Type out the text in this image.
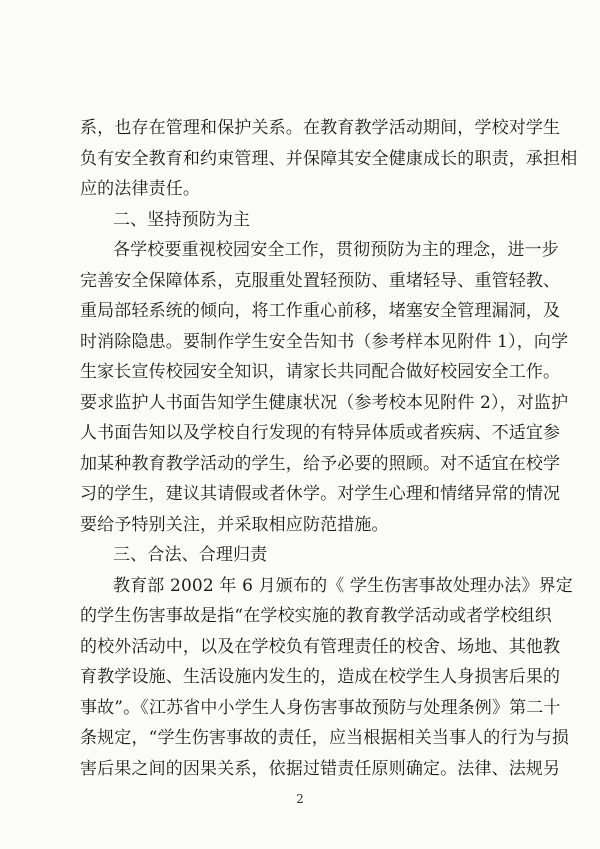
系，也存在管理和保护关系。在教育教学活动期间，学校对学生
负有安全教育和约束管理、并保障其安全健康成长的职责，承担相
应的法律责任。
二、坚持预防为主
各学校要重视校园安全工作，贯彻预防为主的理念，进一步
完善安全保障体系，克服重处置轻预防、重堵轻导、重管轻教、
重局部轻系统的倾向，将工作重心前移，堵塞安全管理漏洞，及
时消除隐患。要制作学生安全告知书（参考样本见附件 1），向学
生家长宣传校园安全知识，请家长共同配合做好校园安全工作。
要求监护人书面告知学生健康状况（参考校本见附件 2），对监护
人书面告知以及学校自行发现的有特异体质或者疾病、不适宜参
加某种教育教学活动的学生，给予必要的照顾。对不适宜在校学
习的学生，建议其请假或者休学。对学生心理和情绪异常的情况
要给予特别关注，并采取相应防范措施。
三、合法、合理归责
教育部 2002 年 6 月颁布的《 学生伤害事故处理办法》界定
的学生伤害事故是指“在学校实施的教育教学活动或者学校组织
的校外活动中，以及在学校负有管理责任的校舍、场地、其他教
育教学设施、生活设施内发生的，造成在校学生人身损害后果的
事故”。《江苏省中小学生人身伤害事故预防与处理条例》第二十
条规定，“学生伤害事故的责任，应当根据相关当事人的行为与损
害后果之间的因果关系，依据过错责任原则确定。法律、法规另
2
